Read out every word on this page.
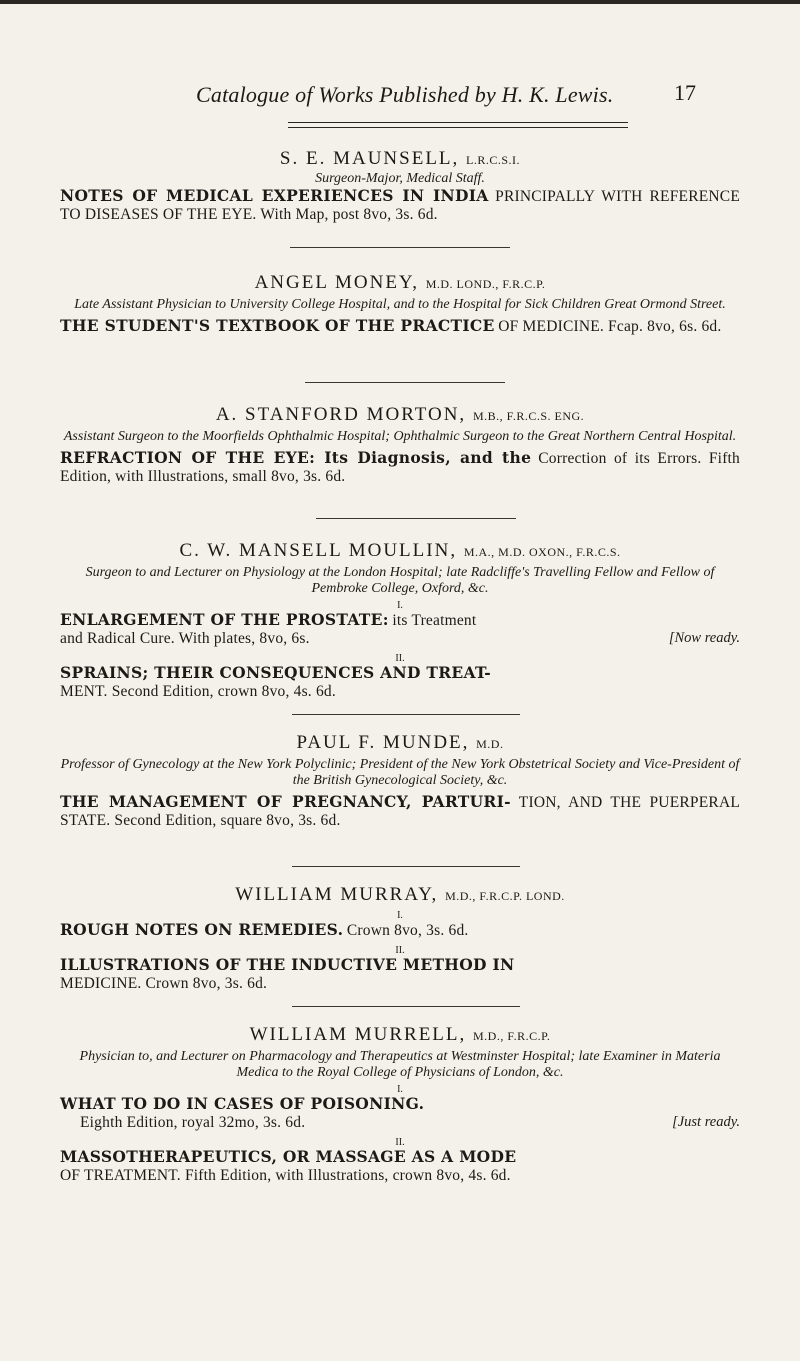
Catalogue of Works Published by H. K. Lewis.	17
S. E. MAUNSELL, L.R.C.S.I.
Surgeon-Major, Medical Staff.
NOTES OF MEDICAL EXPERIENCES IN INDIA PRINCIPALLY WITH REFERENCE TO DISEASES OF THE EYE. With Map, post 8vo, 3s. 6d.
ANGEL MONEY, M.D. LOND., F.R.C.P.
Late Assistant Physician to University College Hospital, and to the Hospital for Sick Children Great Ormond Street.
THE STUDENT'S TEXTBOOK OF THE PRACTICE OF MEDICINE. Fcap. 8vo, 6s. 6d.
A. STANFORD MORTON, M.B., F.R.C.S. ENG.
Assistant Surgeon to the Moorfields Ophthalmic Hospital; Ophthalmic Surgeon to the Great Northern Central Hospital.
REFRACTION OF THE EYE: Its Diagnosis, and the Correction of its Errors. Fifth Edition, with Illustrations, small 8vo, 3s. 6d.
C. W. MANSELL MOULLIN, M.A., M.D. OXON., F.R.C.S.
Surgeon to and Lecturer on Physiology at the London Hospital; late Radcliffe's Travelling Fellow and Fellow of Pembroke College, Oxford, &c.
I.
ENLARGEMENT OF THE PROSTATE: its Treatment

[Now ready.
and Radical Cure. With plates, 8vo, 6s.
II.
SPRAINS; THEIR CONSEQUENCES AND TREAT-
MENT. Second Edition, crown 8vo, 4s. 6d.
PAUL F. MUNDE, M.D.
Professor of Gynecology at the New York Polyclinic; President of the New York Obstetrical Society and Vice-President of the British Gynecological Society, &c.
THE MANAGEMENT OF PREGNANCY, PARTURI- TION, AND THE PUERPERAL STATE. Second Edition, square 8vo, 3s. 6d.
WILLIAM MURRAY, M.D., F.R.C.P. LOND.
I.
ROUGH NOTES ON REMEDIES. Crown 8vo, 3s. 6d.
II.
ILLUSTRATIONS OF THE INDUCTIVE METHOD IN
MEDICINE. Crown 8vo, 3s. 6d.
WILLIAM MURRELL, M.D., F.R.C.P.
Physician to, and Lecturer on Pharmacology and Therapeutics at Westminster Hospital; late Examiner in Materia Medica to the Royal College of Physicians of London, &c.
I.
WHAT TO DO IN CASES OF POISONING.

[Just ready.
Eighth Edition, royal 32mo, 3s. 6d.
II.
MASSOTHERAPEUTICS, OR MASSAGE AS A MODE
OF TREATMENT. Fifth Edition, with Illustrations, crown 8vo, 4s. 6d.
